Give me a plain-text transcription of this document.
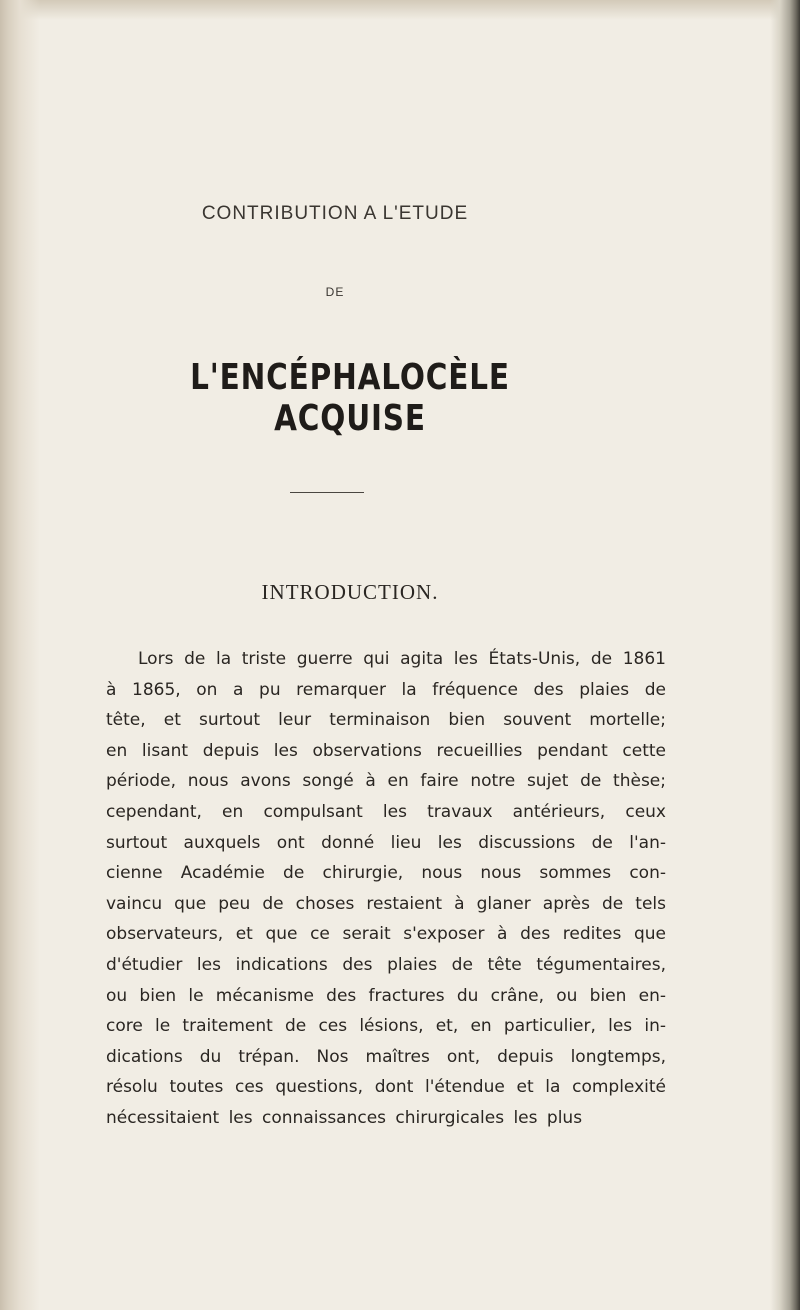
CONTRIBUTION A L'ETUDE
DE
L'ENCÉPHALOCÈLE ACQUISE
INTRODUCTION.
Lors de la triste guerre qui agita les États-Unis, de 1861
à 1865, on a pu remarquer la fréquence des plaies de
tête, et surtout leur terminaison bien souvent mortelle;
en lisant depuis les observations recueillies pendant cette
période, nous avons songé à en faire notre sujet de thèse;
cependant, en compulsant les travaux antérieurs, ceux
surtout auxquels ont donné lieu les discussions de l'an-
cienne Académie de chirurgie, nous nous sommes con-
vaincu que peu de choses restaient à glaner après de tels
observateurs, et que ce serait s'exposer à des redites que
d'étudier les indications des plaies de tête tégumentaires,
ou bien le mécanisme des fractures du crâne, ou bien en-
core le traitement de ces lésions, et, en particulier, les in-
dications du trépan. Nos maîtres ont, depuis longtemps,
résolu toutes ces questions, dont l'étendue et la complexité
nécessitaient les connaissances chirurgicales les plus
